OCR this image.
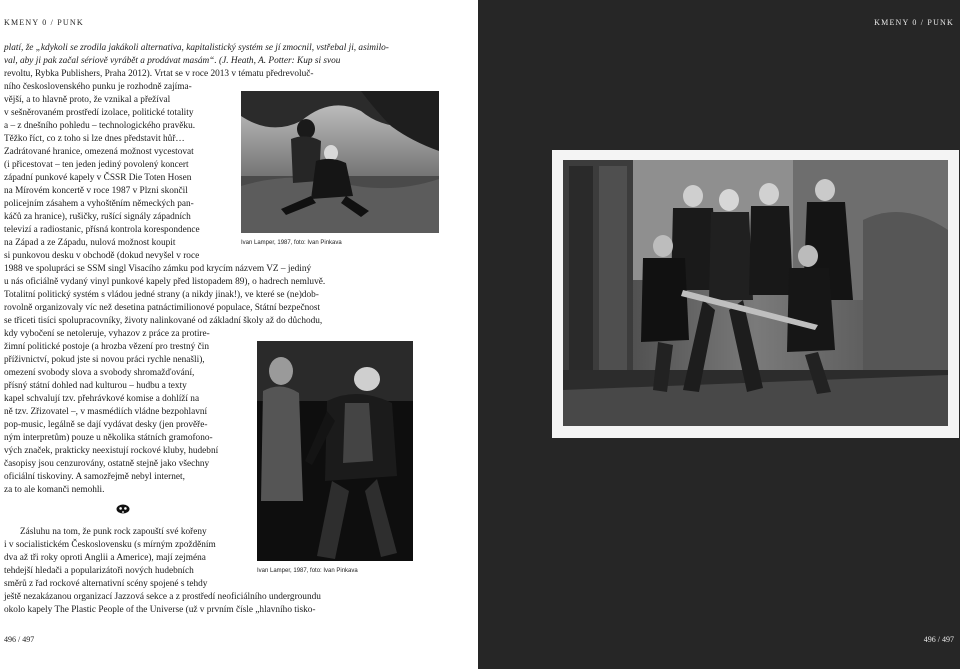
KMENY 0 / PUNK	KMENY 0 / PUNK
platí, že „kdykoli se zrodila jakákoli alternativa, kapitalistický systém se jí zmocnil, vstřebal ji, asimilo-
val, aby ji pak začal sériově vyrábět a prodávat masám“. (J. Heath, A. Potter: Kup si svou
revoltu, Rybka Publishers, Praha 2012). Vrtat se v roce 2013 v tématu předrevoluč-
ního československého punku je rozhodně zajíma-
vější, a to hlavně proto, že vznikal a přežíval
v sešněrovaném prostředí izolace, politické totality
a – z dnešního pohledu – technologického pravěku.
Těžko říct, co z toho si lze dnes představit hůř…
Zadrátované hranice, omezená možnost vycestovat
(i přicestovat – ten jeden jediný povolený koncert
západní punkové kapely v ČSSR Die Toten Hosen
na Mírovém koncertě v roce 1987 v Plzni skončil
policejním zásahem a vyhoštěním německých pan-
káčů za hranice), rušičky, rušící signály západních
televizí a radiostanic, přísná kontrola korespondence
na Západ a ze Západu, nulová možnost koupit
si punkovou desku v obchodě (dokud nevyšel v roce
1988 ve spolupráci se SSM singl Visacího zámku pod krycím názvem VZ – jediný
u nás oficiálně vydaný vinyl punkové kapely před listopadem 89), o hadrech nemluvě.
Totalitní politický systém s vládou jedné strany (a nikdy jinak!), ve které se (ne)dob-
rovolně organizovaly víc než desetina patnáctimilionové populace, Státní bezpečnost
se třiceti tisíci spolupracovníky, životy nalinkované od základní školy až do důchodu,
kdy vybočení se netoleruje, vyhazov z práce za protire-
žimní politické postoje (a hrozba vězení pro trestný čin
příživnictví, pokud jste si novou práci rychle nenašli),
omezení svobody slova a svobody shromažďování,
přísný státní dohled nad kulturou – hudbu a texty
kapel schvalují tzv. přehrávkové komise a dohlíží na
ně tzv. Zřizovatel –, v masmédiích vládne bezpohlavní
pop-music, legálně se dají vydávat desky (jen prověře-
ným interpretům) pouze u několika státních gramofono-
vých značek, prakticky neexistují rockové kluby, hudební
časopisy jsou cenzurovány, ostatně stejně jako všechny
oficiální tiskoviny. A samozřejmě nebyl internet,
za to ale komanči nemohli.
Zásluhu na tom, že punk rock zapouští své kořeny
i v socialistickém Československu (s mírným zpožděním
dva až tři roky oproti Anglii a Americe), mají zejména
tehdejší hledači a popularizátoři nových hudebních
směrů z řad rockové alternativní scény spojené s tehdy
ještě nezakázanou organizací Jazzová sekce a z prostředí neoficiálního undergroundu
okolo kapely The Plastic People of the Universe (už v prvním čísle „hlavního tisko-
Ivan Lamper, 1987, foto: Ivan Pinkava
Ivan Lamper, 1987, foto: Ivan Pinkava
496 / 497	496 / 497
